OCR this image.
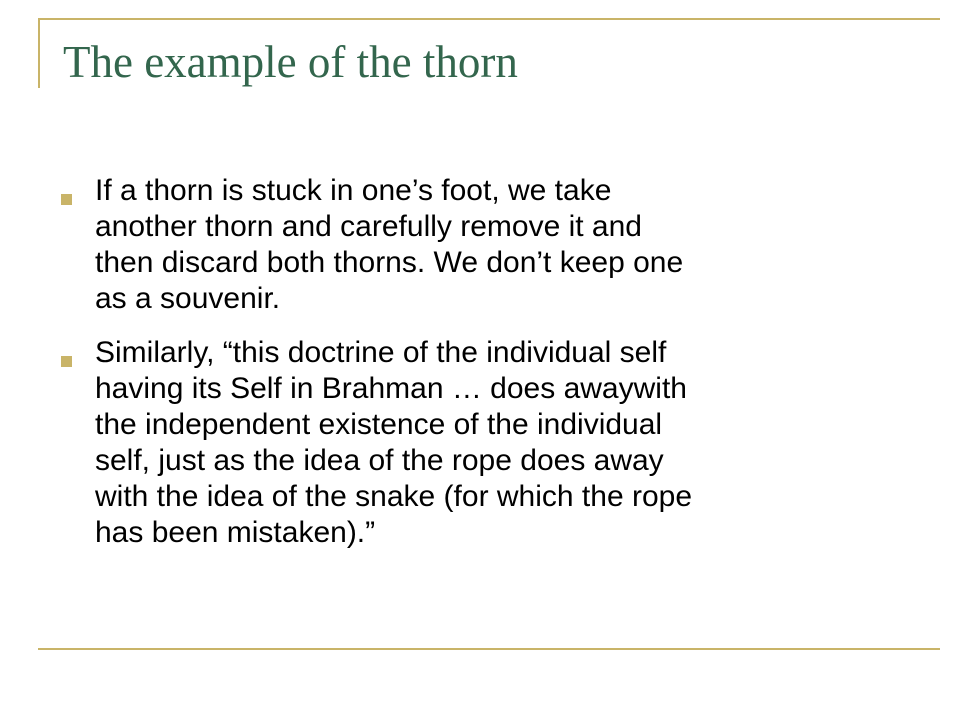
The example of the thorn
If a thorn is stuck in one’s foot, we take
another thorn and carefully remove it and
then discard both thorns. We don’t keep one
as a souvenir.
Similarly, “this doctrine of the individual self
having its Self in Brahman … does awaywith
the independent existence of the individual
self, just as the idea of the rope does away
with the idea of the snake (for which the rope
has been mistaken).”
